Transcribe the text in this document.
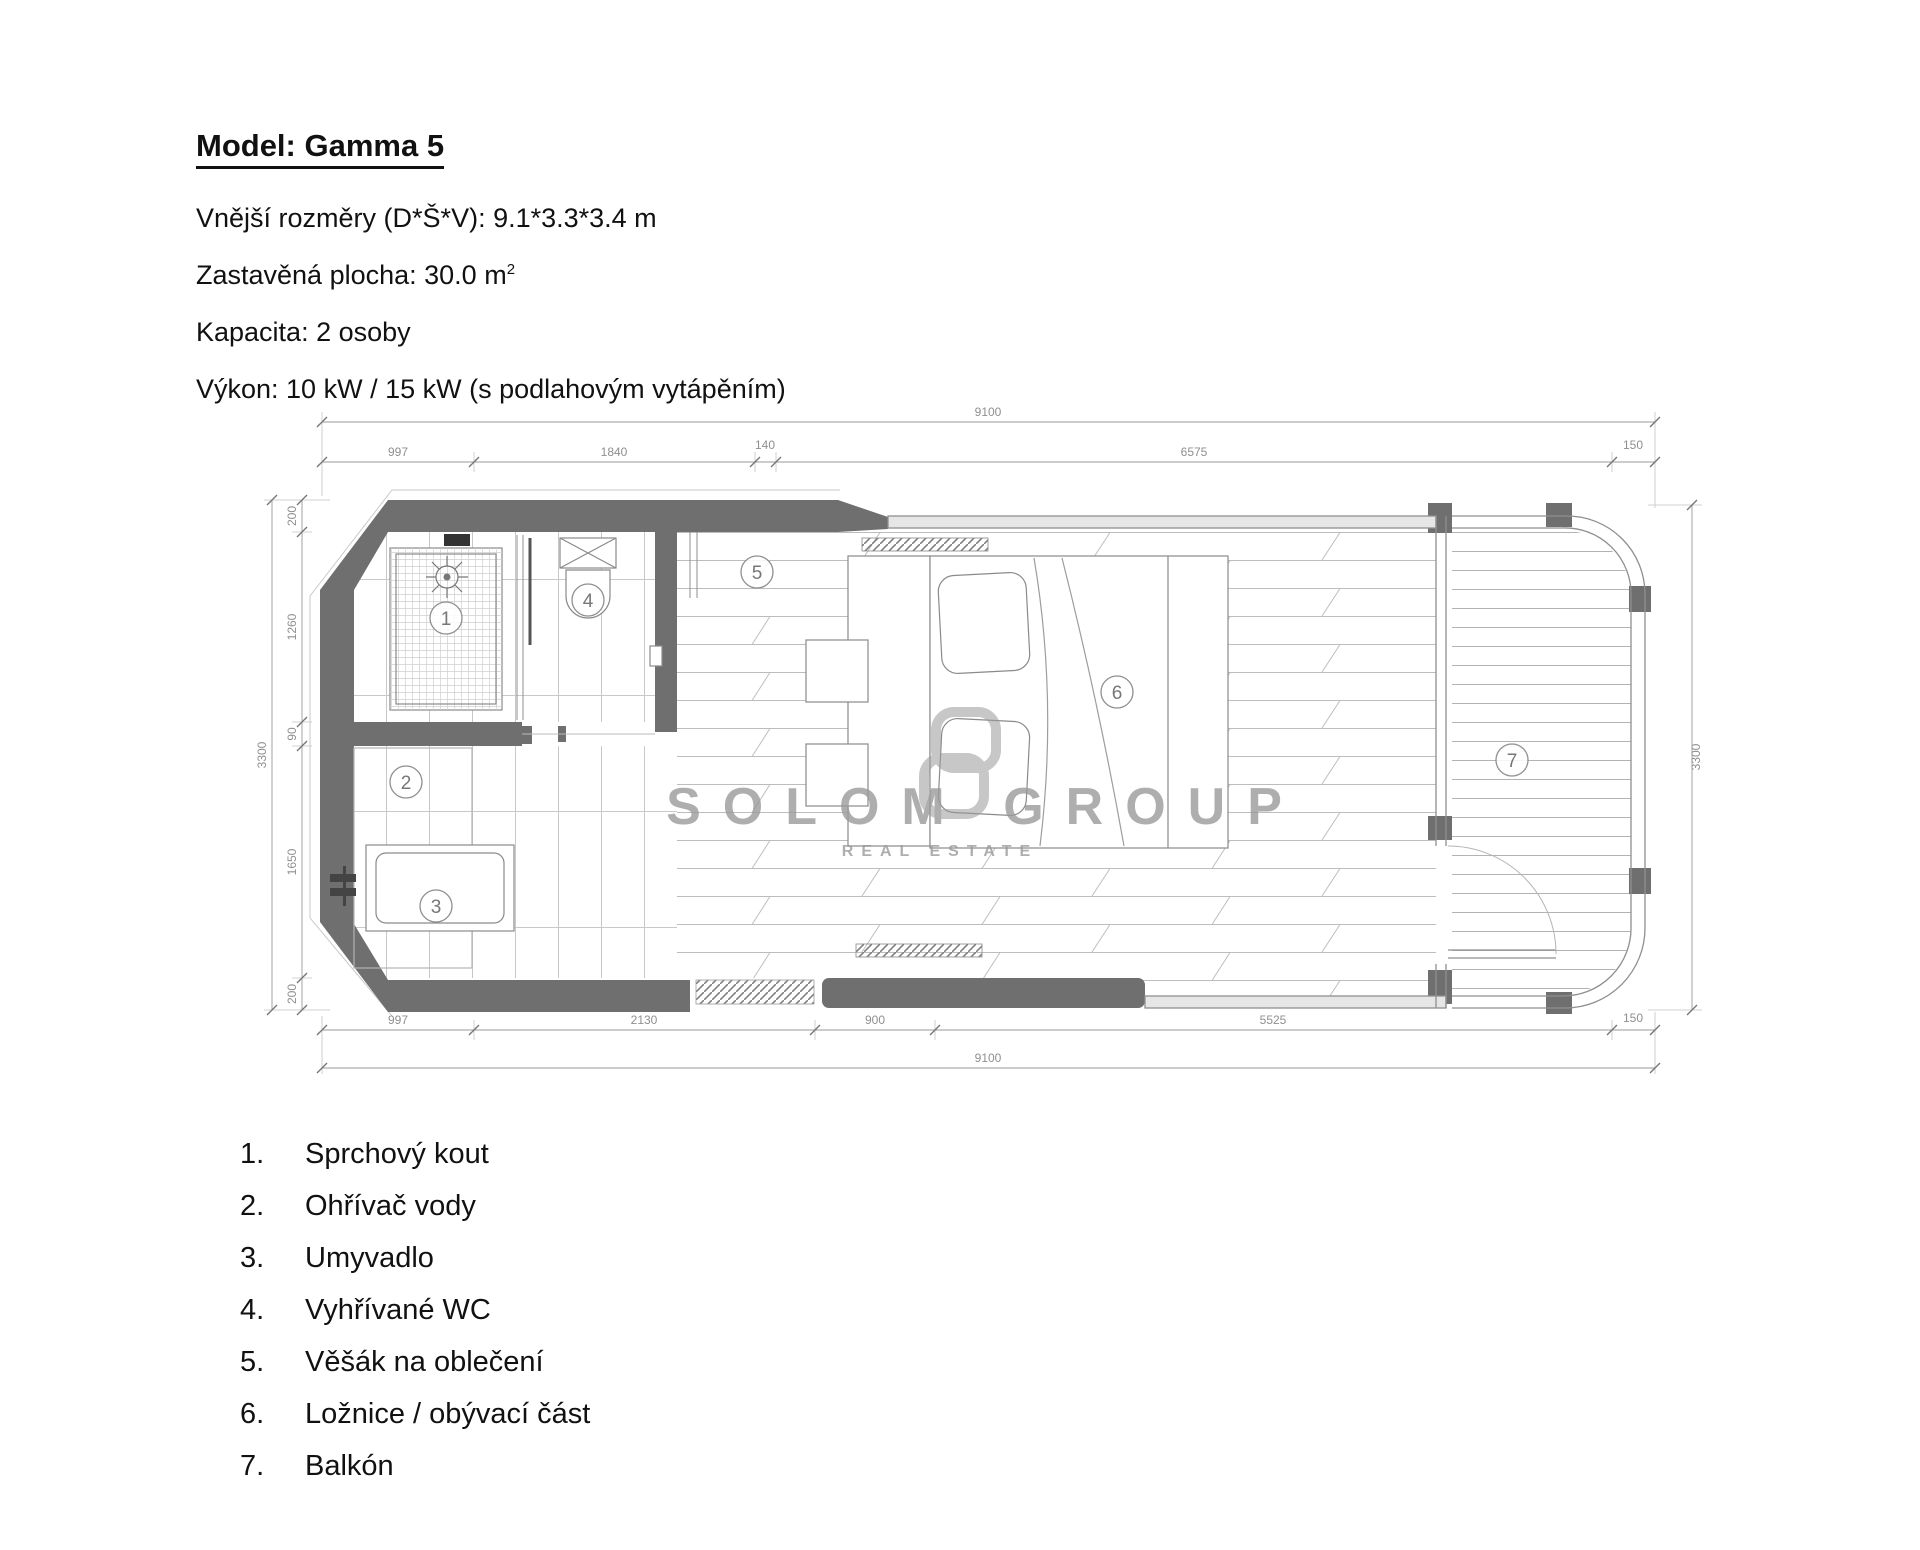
Model: Gamma 5
Vnější rozměry (D*Š*V): 9.1*3.3*3.4 m
Zastavěná plocha: 30.0 $m^2$
Kapacita: 2 osoby
Výkon: 10 kW / 15 kW (s podlahovým vytápěním)
9100
997	1840	140	6575	150
997	2130	900	5525	150
9100
200
1260
90
1650
200
3300	3300
1
2
3
4
5
6
7
SOLOM GROUP
REAL ESTATE
1.	Sprchový kout
2.	Ohřívač vody
3.	Umyvadlo
4.	Vyhřívané WC
5.	Věšák na oblečení
6.	Ložnice / obývací část
7.	Balkón
